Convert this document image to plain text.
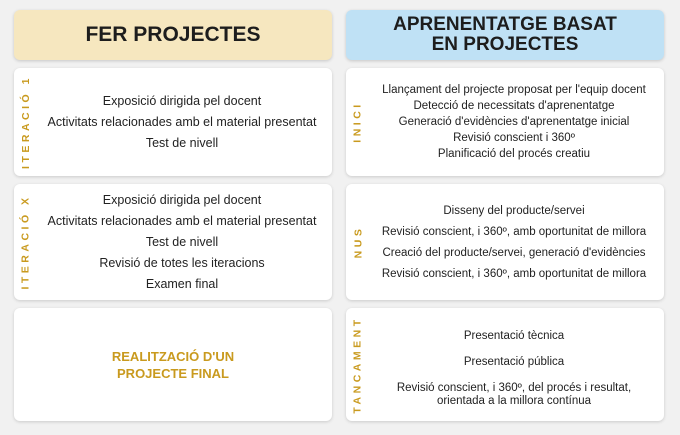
FER PROJECTES	APRENENTATGE BASAT
EN PROJECTES
ITERACIÓ 1	Exposició dirigida pel docent
Activitats relacionades amb el material presentat
Test de nivell
ITERACIÓ X	Exposició dirigida pel docent
Activitats relacionades amb el material presentat
Test de nivell
Revisió de totes les iteracions
Examen final
REALITZACIÓ D'UN
PROJECTE FINAL
INICI
Llançament del projecte proposat per l'equip docent
Detecció de necessitats d'aprenentatge
Generació d'evidències d'aprenentatge inicial
Revisió conscient i 360º
Planificació del procés creatiu
NUS
Disseny del producte/servei
Revisió conscient, i 360º, amb oportunitat de millora
Creació del producte/servei, generació d'evidències
Revisió conscient, i 360º, amb oportunitat de millora
TANCAMENT	Presentació tècnica
Presentació pública
Revisió conscient, i 360º, del procés i resultat,
orientada a la millora contínua
